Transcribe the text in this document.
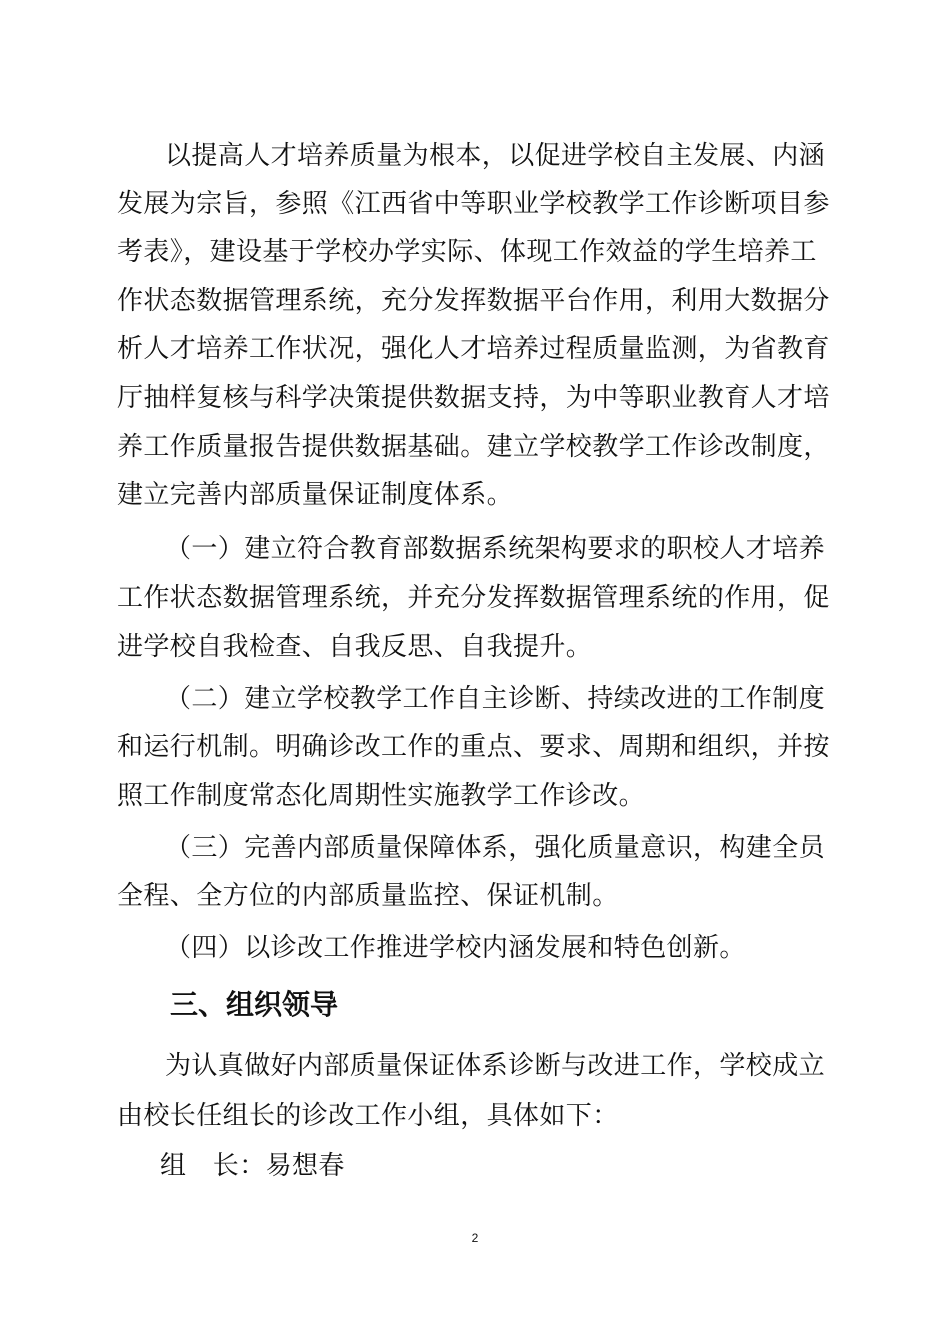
以提高人才培养质量为根本，以促进学校自主发展、内涵
发展为宗旨，参照《江西省中等职业学校教学工作诊断项目参
考表》，建设基于学校办学实际、体现工作效益的学生培养工
作状态数据管理系统，充分发挥数据平台作用，利用大数据分
析人才培养工作状况，强化人才培养过程质量监测，为省教育
厅抽样复核与科学决策提供数据支持，为中等职业教育人才培
养工作质量报告提供数据基础。建立学校教学工作诊改制度，
建立完善内部质量保证制度体系。
（一）建立符合教育部数据系统架构要求的职校人才培养
工作状态数据管理系统，并充分发挥数据管理系统的作用，促
进学校自我检查、自我反思、自我提升。
（二）建立学校教学工作自主诊断、持续改进的工作制度
和运行机制。明确诊改工作的重点、要求、周期和组织，并按
照工作制度常态化周期性实施教学工作诊改。
（三）完善内部质量保障体系，强化质量意识，构建全员
全程、全方位的内部质量监控、保证机制。
（四）以诊改工作推进学校内涵发展和特色创新。
三、组织领导
为认真做好内部质量保证体系诊断与改进工作，学校成立
由校长任组长的诊改工作小组，具体如下：
组　长：易想春
2
